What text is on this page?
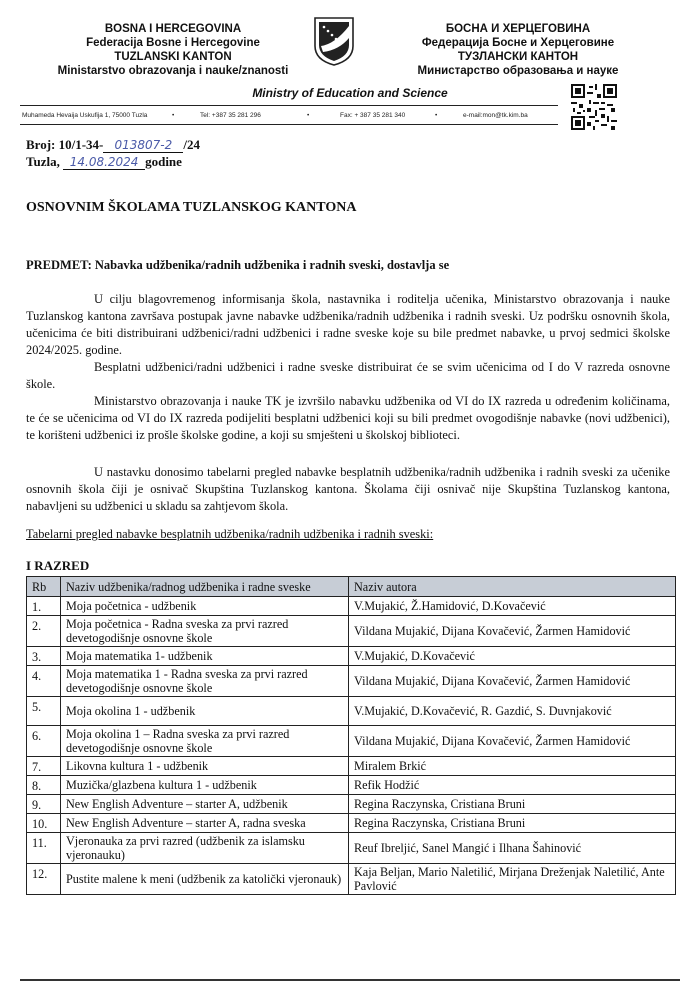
BOSNA I HERCEGOVINA
Federacija Bosne i Hercegovine
TUZLANSKI KANTON
Ministarstvo obrazovanja i nauke/znanosti
БОСНА И ХЕРЦЕГОВИНА
Федерација Босне и Херцеговине
ТУЗЛАНСКИ КАНТОН
Министарство образовања и науке
Ministry of Education and Science
Muhameda Hevaija Uskufija 1, 75000 Tuzla	•	Tel: +387 35 281 296	•	Fax: + 387 35 281 340	•	e-mail:mon@tk.kim.ba
Broj: 10/1-34- 013807-2 /24
Tuzla, 14.08.2024 godine
OSNOVNIM ŠKOLAMA TUZLANSKOG KANTONA
PREDMET: Nabavka udžbenika/radnih udžbenika i radnih sveski, dostavlja se

U cilju blagovremenog informisanja škola, nastavnika i roditelja učenika, Ministarstvo obrazovanja i nauke Tuzlanskog kantona završava postupak javne nabavke udžbenika/radnih udžbenika i radnih sveski. Uz podršku osnovnih škola, učenicima će biti distribuirani udžbenici/radni udžbenici i radne sveske koje su bile predmet nabavke, u prvoj sedmici školske 2024/2025. godine.

Besplatni udžbenici/radni udžbenici i radne sveske distribuirat će se svim učenicima od I do V razreda osnovne škole.

Ministarstvo obrazovanja i nauke TK je izvršilo nabavku udžbenika od VI do IX razreda u određenim količinama, te će se učenicima od VI do IX razreda podijeliti besplatni udžbenici koji su bili predmet ovogodišnje nabavke (novi udžbenici), te korišteni udžbenici iz prošle školske godine, a koji su smješteni u školskoj biblioteci.

U nastavku donosimo tabelarni pregled nabavke besplatnih udžbenika/radnih udžbenika i radnih sveski za učenike osnovnih škola čiji je osnivač Skupština Tuzlanskog kantona. Školama čiji osnivač nije Skupština Tuzlanskog kantona, nabavljeni su udžbenici u skladu sa zahtjevom škola.

Tabelarni pregled nabavke besplatnih udžbenika/radnih udžbenika i radnih sveski:
I RAZRED
Rb	Naziv udžbenika/radnog udžbenika i radne sveske	Naziv autora
1.	Moja početnica - udžbenik	V.Mujakić, Ž.Hamidović, D.Kovačević
2.	Moja početnica - Radna sveska za prvi razred devetogodišnje osnovne škole	Vildana Mujakić, Dijana Kovačević, Žarmen Hamidović
3.	Moja matematika 1- udžbenik	V.Mujakić, D.Kovačević
4.	Moja matematika 1 - Radna sveska za prvi razred devetogodišnje osnovne škole	Vildana Mujakić, Dijana Kovačević, Žarmen Hamidović
5.	Moja okolina 1 - udžbenik	V.Mujakić, D.Kovačević, R. Gazdić, S. Duvnjaković
6.	Moja okolina 1 – Radna sveska za prvi razred devetogodišnje osnovne škole	Vildana Mujakić, Dijana Kovačević, Žarmen Hamidović
7.	Likovna kultura 1 - udžbenik	Miralem Brkić
8.	Muzička/glazbena kultura 1 - udžbenik	Refik Hodžić
9.	New English Adventure – starter A, udžbenik	Regina Raczynska, Cristiana Bruni
10.	New English Adventure – starter A, radna sveska	Regina Raczynska, Cristiana Bruni
11.	Vjeronauka za prvi razred (udžbenik za islamsku vjeronauku)	Reuf Ibreljić, Sanel Mangić i Ilhana Šahinović
12.	Pustite malene k meni (udžbenik za katolički vjeronauk)	Kaja Beljan, Mario Naletilić, Mirjana Dreženjak Naletilić, Ante Pavlović
